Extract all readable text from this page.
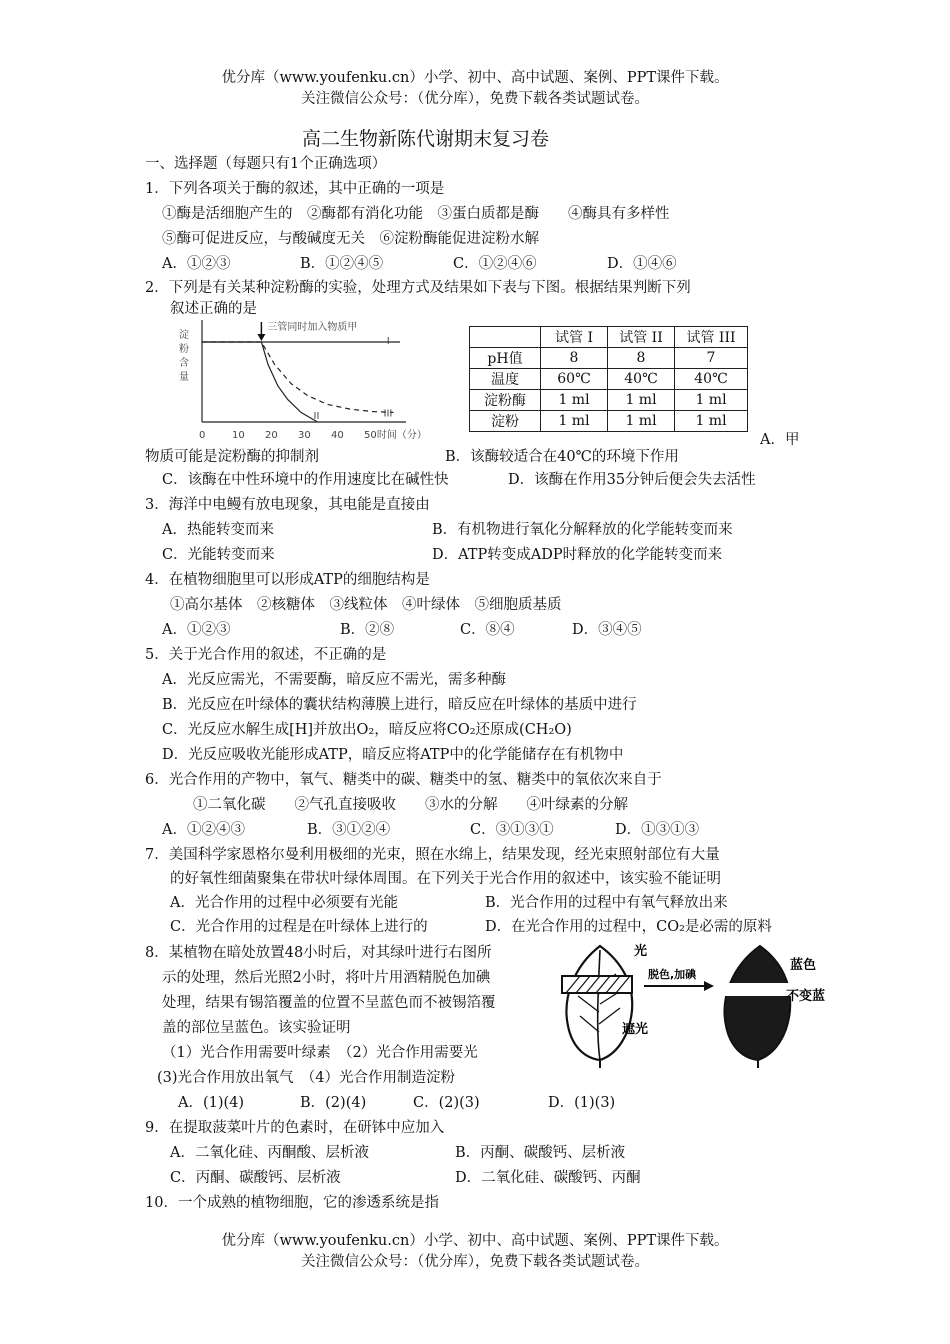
优分库（www.youfenku.cn）小学、初中、高中试题、案例、PPT课件下载。
关注微信公众号：（优分库），免费下载各类试题试卷。
高二生物新陈代谢期末复习卷
一、选择题（每题只有1个正确选项）
1．下列各项关于酶的叙述，其中正确的一项是
①酶是活细胞产生的　②酶都有消化功能　③蛋白质都是酶　　④酶具有多样性
⑤酶可促进反应，与酸碱度无关　⑥淀粉酶能促进淀粉水解
A．①②③	B．①②④⑤	C．①②④⑥	D．①④⑥
2．下列是有关某种淀粉酶的实验，处理方式及结果如下表与下图。根据结果判断下列
叙述正确的是
淀
粉
含
量
0	10 20 30 40 50 时间（分）
I
II	III
三管同时加入物质甲
	试管 I	试管 II	试管 III
pH值	8	8	7
温度	60℃	40℃	40℃
淀粉酶	1 ml	1 ml	1 ml
淀粉	1 ml	1 ml	1 ml
A．甲
物质可能是淀粉酶的抑制剂	B．该酶较适合在40℃的环境下作用
C．该酶在中性环境中的作用速度比在碱性快	D．该酶在作用35分钟后便会失去活性
3．海洋中电鳗有放电现象，其电能是直接由
A．热能转变而来	B．有机物进行氧化分解释放的化学能转变而来
C．光能转变而来	D．ATP转变成ADP时释放的化学能转变而来
4．在植物细胞里可以形成ATP的细胞结构是
①高尔基体　②核糖体　③线粒体　④叶绿体　⑤细胞质基质
A．①②③	B．②⑧	C．⑧④	D．③④⑤
5．关于光合作用的叙述，不正确的是
A．光反应需光，不需要酶，暗反应不需光，需多种酶
B．光反应在叶绿体的囊状结构薄膜上进行，暗反应在叶绿体的基质中进行
C．光反应水解生成[H]并放出O₂，暗反应将CO₂还原成(CH₂O)
D．光反应吸收光能形成ATP，暗反应将ATP中的化学能储存在有机物中
6．光合作用的产物中，氧气、糖类中的碳、糖类中的氢、糖类中的氧依次来自于
①二氧化碳　　②气孔直接吸收　　③水的分解　　④叶绿素的分解
A．①②④③	B．③①②④	C．③①③①	D．①③①③
7．美国科学家恩格尔曼利用极细的光束，照在水绵上，结果发现，经光束照射部位有大量
的好氧性细菌聚集在带状叶绿体周围。在下列关于光合作用的叙述中，该实验不能证明
A．光合作用的过程中必须要有光能	B．光合作用的过程中有氧气释放出来
C．光合作用的过程是在叶绿体上进行的	D．在光合作用的过程中，CO₂是必需的原料
8．某植物在暗处放置48小时后，对其绿叶进行右图所
示的处理，然后光照2小时，将叶片用酒精脱色加碘
处理，结果有锡箔覆盖的位置不呈蓝色而不被锡箔覆
盖的部位呈蓝色。该实验证明
（1）光合作用需要叶绿素　（2）光合作用需要光
(3)光合作用放出氧气　（4）光合作用制造淀粉
A．(1)(4)	B．(2)(4)	C．(2)(3)	D．(1)(3)
光
遮光
脱色,加碘
蓝色
不变蓝
9．在提取菠菜叶片的色素时，在研钵中应加入
A．二氧化硅、丙酮酸、层析液	B．丙酮、碳酸钙、层析液
C．丙酮、碳酸钙、层析液	D．二氧化硅、碳酸钙、丙酮
10．一个成熟的植物细胞，它的渗透系统是指
优分库（www.youfenku.cn）小学、初中、高中试题、案例、PPT课件下载。
关注微信公众号：（优分库），免费下载各类试题试卷。
